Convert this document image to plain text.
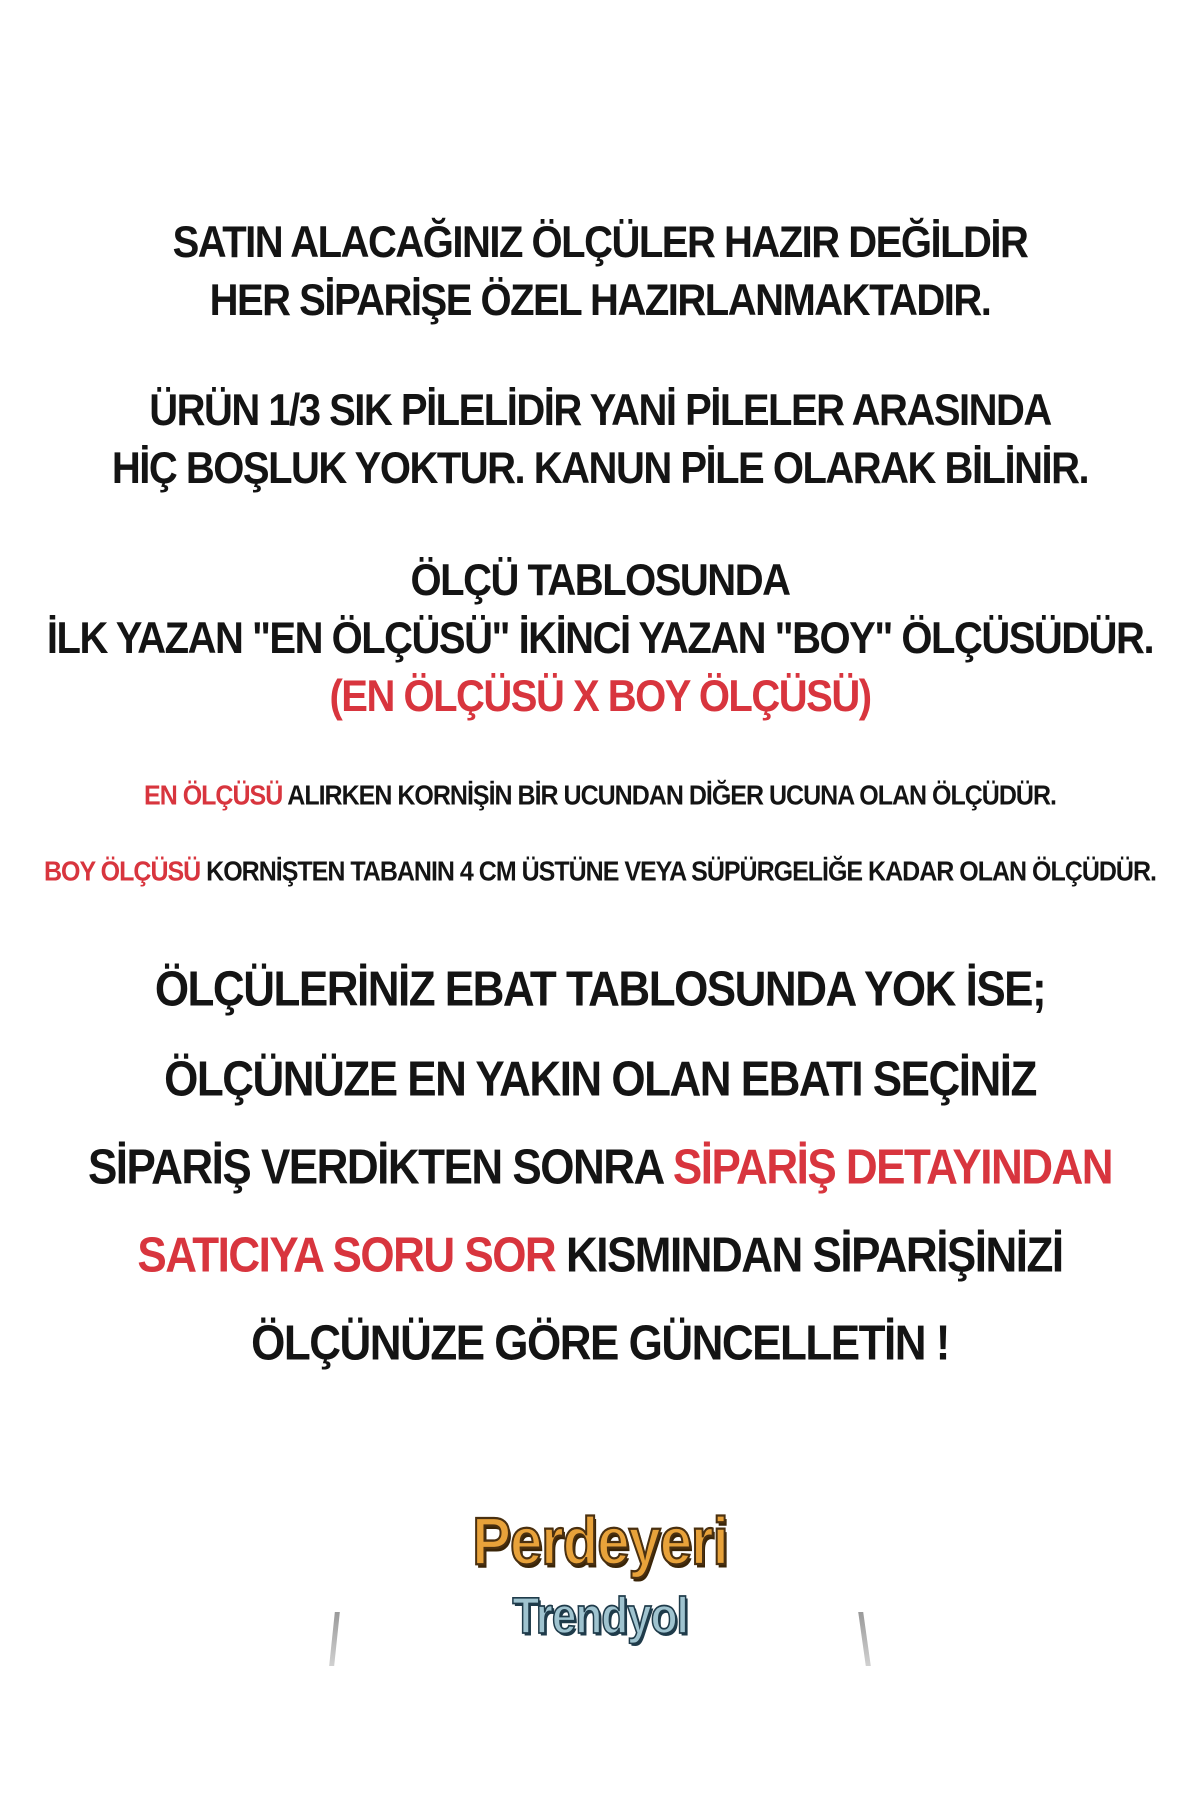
SATIN ALACAĞINIZ ÖLÇÜLER HAZIR DEĞİLDİR
HER SİPARİŞE ÖZEL HAZIRLANMAKTADIR.
ÜRÜN 1/3 SIK PİLELİDİR YANİ PİLELER ARASINDA
HİÇ BOŞLUK YOKTUR. KANUN PİLE OLARAK BİLİNİR.
ÖLÇÜ TABLOSUNDA
İLK YAZAN "EN ÖLÇÜSÜ" İKİNCİ YAZAN "BOY" ÖLÇÜSÜDÜR.
(EN ÖLÇÜSÜ X BOY ÖLÇÜSÜ)
EN ÖLÇÜSÜ ALIRKEN KORNİŞİN BİR UCUNDAN DİĞER UCUNA OLAN ÖLÇÜDÜR.
BOY ÖLÇÜSÜ KORNİŞTEN TABANIN 4 CM ÜSTÜNE VEYA SÜPÜRGELİĞE KADAR OLAN ÖLÇÜDÜR.
ÖLÇÜLERİNİZ EBAT TABLOSUNDA YOK İSE;
ÖLÇÜNÜZE EN YAKIN OLAN EBATI SEÇİNİZ
SİPARİŞ VERDİKTEN SONRA SİPARİŞ DETAYINDAN
SATICIYA SORU SOR KISMINDAN SİPARİŞİNİZİ
ÖLÇÜNÜZE GÖRE GÜNCELLETİN !
Perdeyeri
Trendyol
